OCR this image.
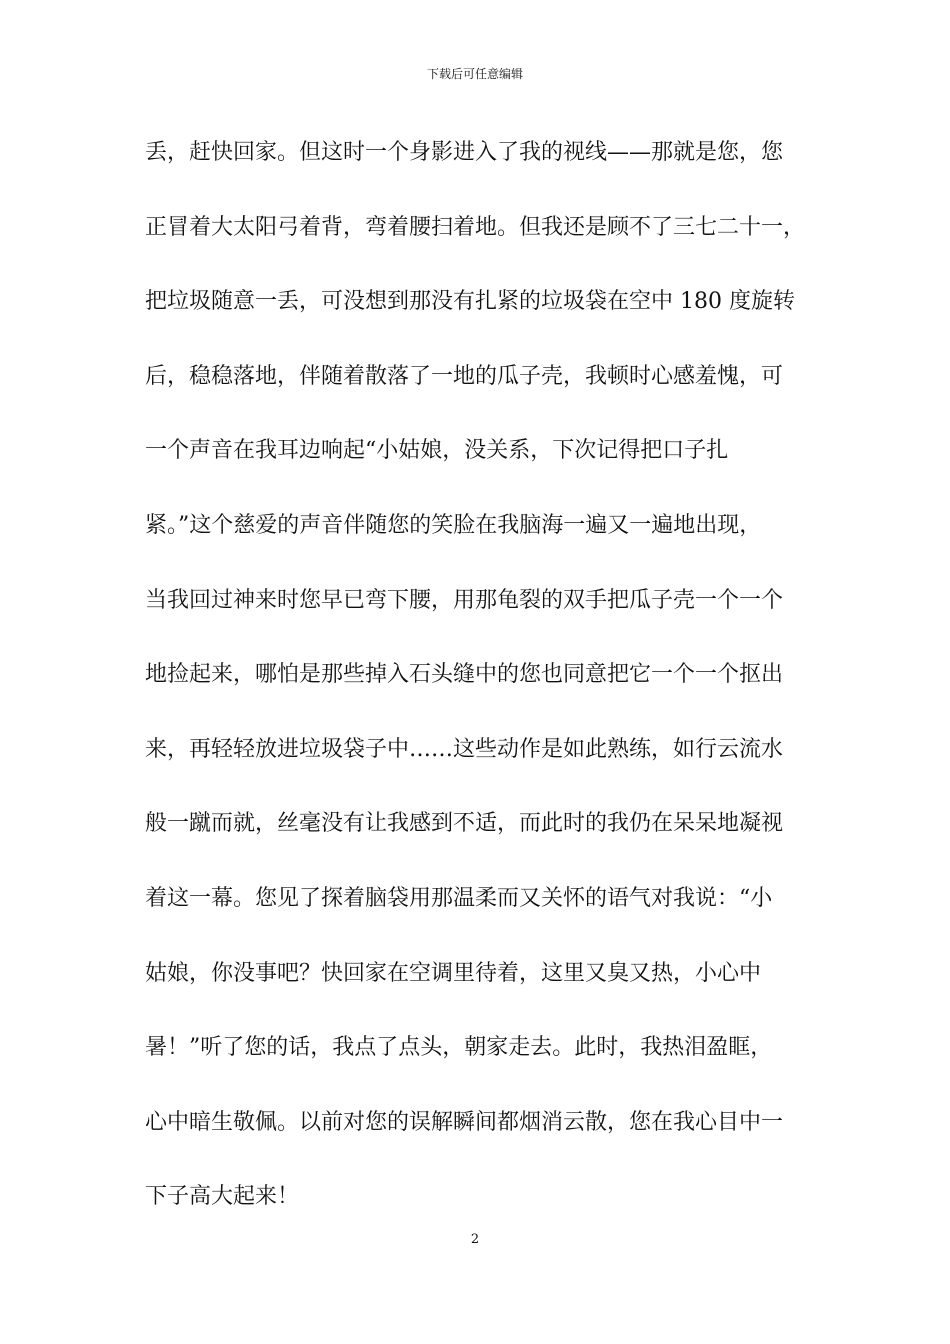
下载后可任意编辑
丢，赶快回家。但这时一个身影进入了我的视线——那就是您，您
正冒着大太阳弓着背，弯着腰扫着地。但我还是顾不了三七二十一，
把垃圾随意一丢，可没想到那没有扎紧的垃圾袋在空中 180 度旋转
后，稳稳落地，伴随着散落了一地的瓜子壳，我顿时心感羞愧，可
一个声音在我耳边响起“小姑娘，没关系，下次记得把口子扎
紧。”这个慈爱的声音伴随您的笑脸在我脑海一遍又一遍地出现，
当我回过神来时您早已弯下腰，用那龟裂的双手把瓜子壳一个一个
地捡起来，哪怕是那些掉入石头缝中的您也同意把它一个一个抠出
来，再轻轻放进垃圾袋子中……这些动作是如此熟练，如行云流水
般一蹴而就，丝毫没有让我感到不适，而此时的我仍在呆呆地凝视
着这一幕。您见了探着脑袋用那温柔而又关怀的语气对我说：“小
姑娘，你没事吧？快回家在空调里待着，这里又臭又热，小心中
暑！”听了您的话，我点了点头，朝家走去。此时，我热泪盈眶，
心中暗生敬佩。以前对您的误解瞬间都烟消云散，您在我心目中一
下子高大起来！
2
